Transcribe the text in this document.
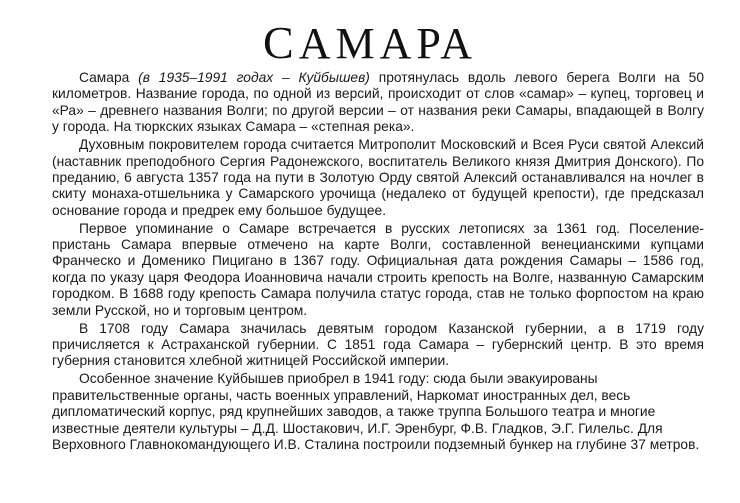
САМАРА

Самара (в 1935–1991 годах – Куйбышев) протянулась вдоль левого берега Волги на 50 километров. Название города, по одной из версий, происходит от слов «самар» – купец, торговец и «Ра» – древнего названия Волги; по другой версии – от названия реки Самары, впадающей в Волгу у города. На тюркских языках Самара – «степная река».

Духовным покровителем города считается Митрополит Московский и Всея Руси святой Алексий (наставник преподобного Сергия Радонежского, воспитатель Великого князя Дмитрия Донского). По преданию, 6 августа 1357 года на пути в Золотую Орду святой Алексий останавливался на ночлег в скиту монаха-отшельника у Самарского урочища (недалеко от будущей крепости), где предсказал основание города и предрек ему большое будущее.

Первое упоминание о Самаре встречается в русских летописях за 1361 год. Поселение-пристань Самара впервые отмечено на карте Волги, составленной венецианскими купцами Франческо и Доменико Пицигано в 1367 году. Официальная дата рождения Самары – 1586 год, когда по указу царя Феодора Иоанновича начали строить крепость на Волге, названную Самарским городком. В 1688 году крепость Самара получила статус города, став не только форпостом на краю земли Русской, но и торговым центром.

В 1708 году Самара значилась девятым городом Казанской губернии, а в 1719 году причисляется к Астраханской губернии. С 1851 года Самара – губернский центр. В это время губерния становится хлебной житницей Российской империи.

Особенное значение Куйбышев приобрел в 1941 году: сюда были эвакуированы правительственные органы, часть военных управлений, Наркомат иностранных дел, весь дипломатический корпус, ряд крупнейших заводов, а также труппа Большого театра и многие известные деятели культуры – Д.Д. Шостакович, И.Г. Эренбург, Ф.В. Гладков, Э.Г. Гилельс. Для Верховного Главнокомандующего И.В. Сталина построили подземный бункер на глубине 37 метров.
